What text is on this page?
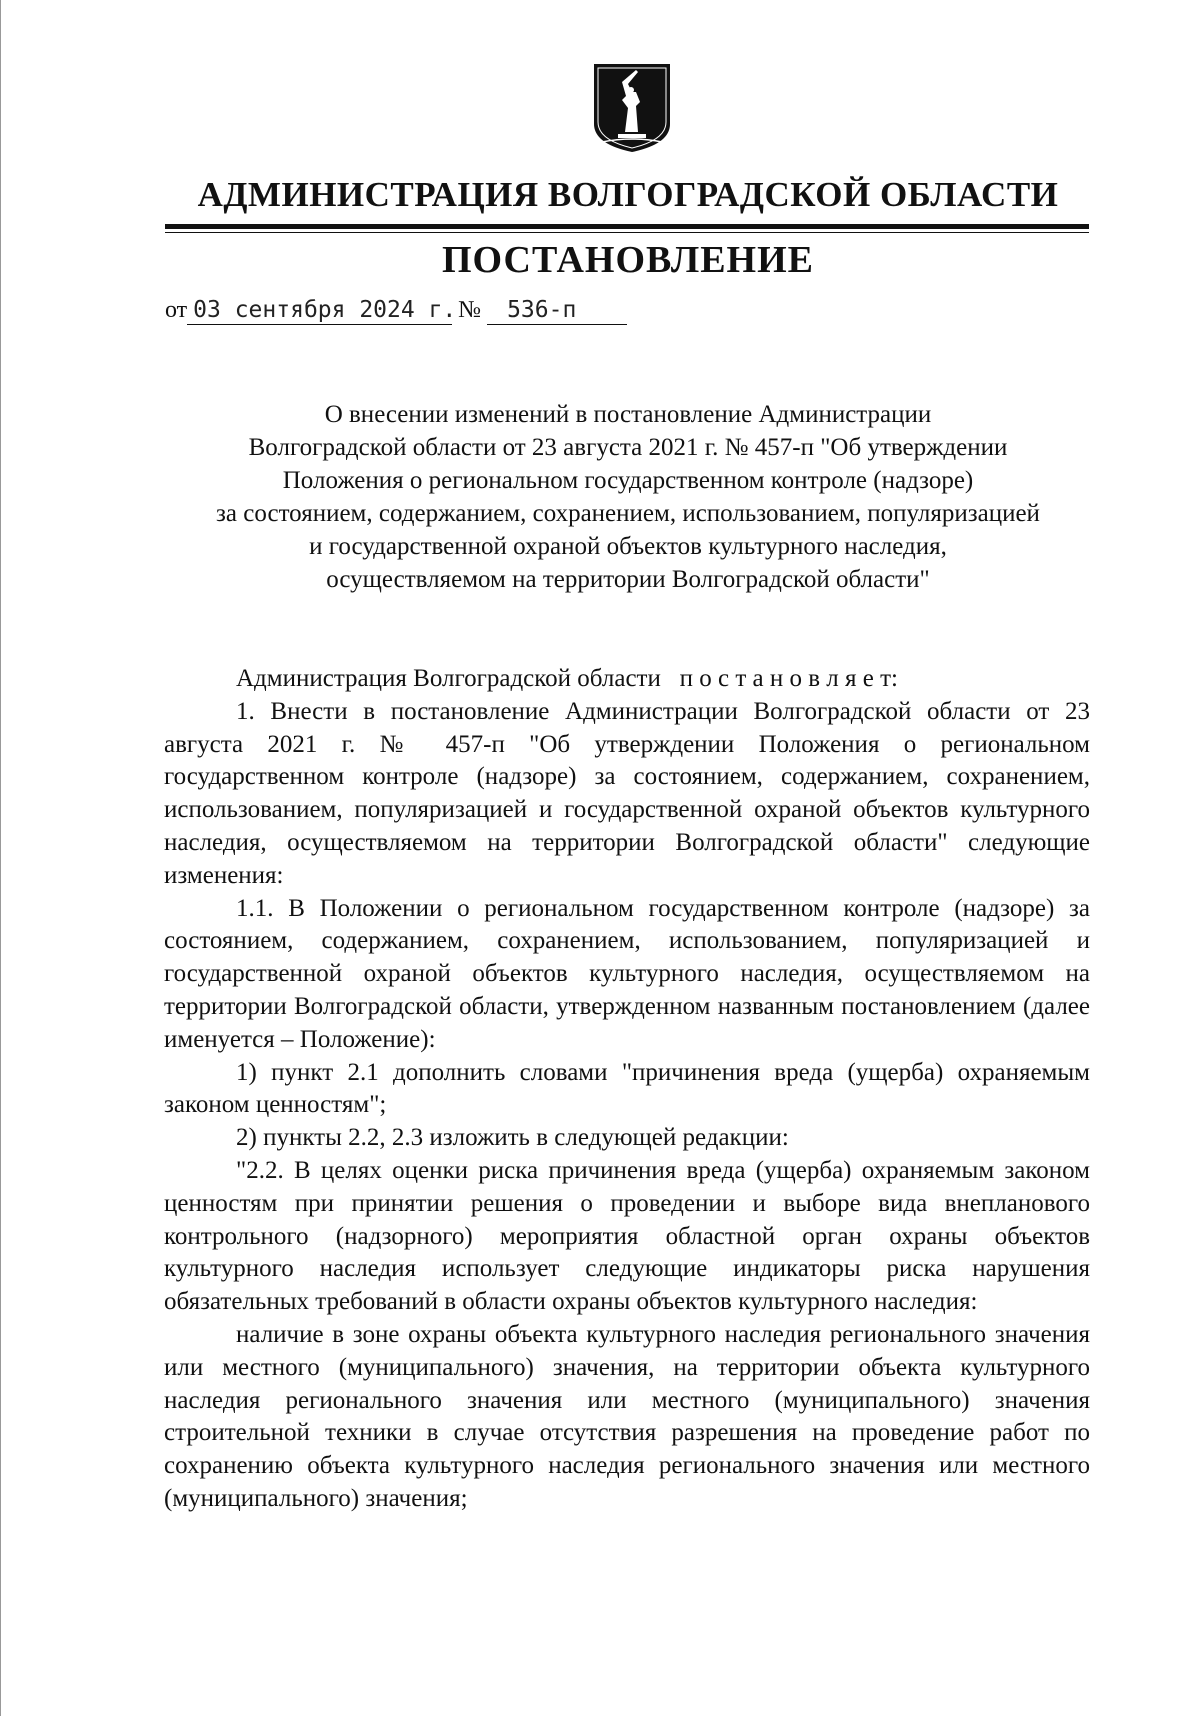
АДМИНИСТРАЦИЯ ВОЛГОГРАДСКОЙ ОБЛАСТИ
ПОСТАНОВЛЕНИЕ
от 03 сентября 2024 г. № 536-п
О внесении изменений в постановление Администрации
Волгоградской области от 23 августа 2021 г. № 457-п "Об утверждении
Положения о региональном государственном контроле (надзоре)
за состоянием, содержанием, сохранением, использованием, популяризацией
и государственной охраной объектов культурного наследия,
осуществляемом на территории Волгоградской области"

Администрация Волгоградской области п о с т а н о в л я е т:

1. Внести в постановление Администрации Волгоградской области от 23 августа 2021 г. № 457-п "Об утверждении Положения о региональном государственном контроле (надзоре) за состоянием, содержанием, сохранением, использованием, популяризацией и государственной охраной объектов культурного наследия, осуществляемом на территории Волгоградской области" следующие изменения:

1.1. В Положении о региональном государственном контроле (надзоре) за состоянием, содержанием, сохранением, использованием, популяризацией и государственной охраной объектов культурного наследия, осуществляемом на территории Волгоградской области, утвержденном названным постановлением (далее именуется – Положение):

1) пункт 2.1 дополнить словами "причинения вреда (ущерба) охраняемым законом ценностям";

2) пункты 2.2, 2.3 изложить в следующей редакции:

"2.2. В целях оценки риска причинения вреда (ущерба) охраняемым законом ценностям при принятии решения о проведении и выборе вида внепланового контрольного (надзорного) мероприятия областной орган охраны объектов культурного наследия использует следующие индикаторы риска нарушения обязательных требований в области охраны объектов культурного наследия:

наличие в зоне охраны объекта культурного наследия регионального значения или местного (муниципального) значения, на территории объекта культурного наследия регионального значения или местного (муниципального) значения строительной техники в случае отсутствия разрешения на проведение работ по сохранению объекта культурного наследия регионального значения или местного (муниципального) значения;
